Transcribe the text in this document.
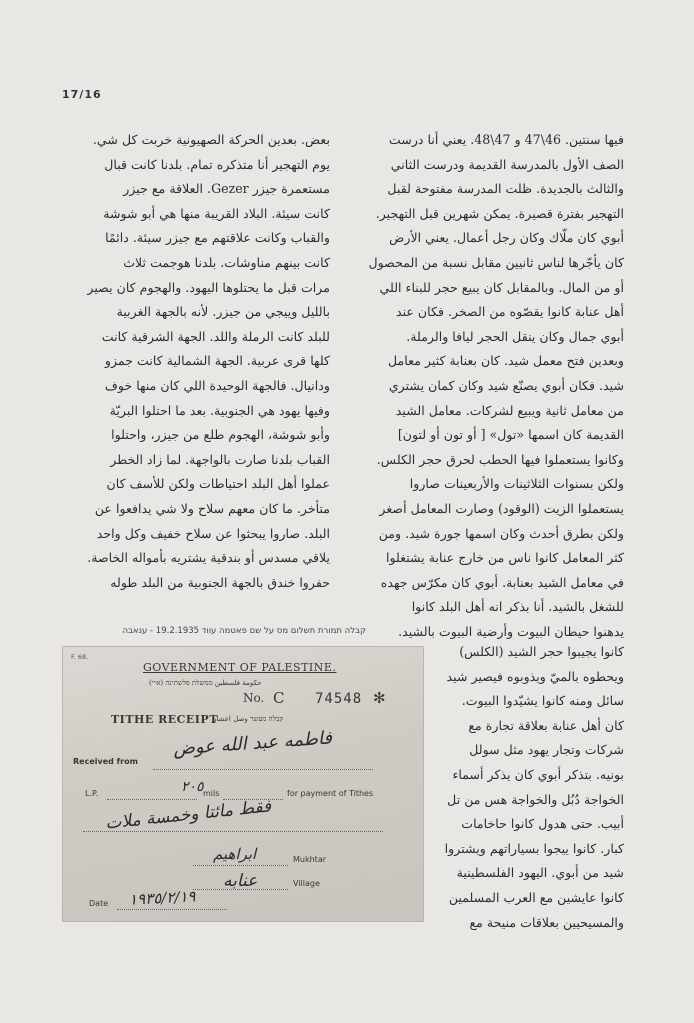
17/16

فيها سنتين. 46\47 و 47\48. يعني أنا درست

الصف الأول بالمدرسة القديمة ودرست الثاني

والثالث بالجديدة. ظلت المدرسة مفتوحة لقبل

التهجير بفترة قصيرة. يمكن شهرين قبل التهجير.

أبوي كان ملّاك وكان رجل أعمال. يعني الأرض

كان يأجّرها لناس ثانيين مقابل نسبة من المحصول

أو من المال. وبالمقابل كان يبيع حجر للبناء اللي

أهل عنابة كانوا يقصّوه من الصخر. فكان عند

أبوي جمال وكان ينقل الحجر ليافا والرملة.

وبعدين فتح معمل شيد. كان بعنابة كثير معامل

شيد. فكان أبوي يصنّع شيد وكان كمان يشتري

من معامل ثانية ويبيع لشركات. معامل الشيد

القديمة كان اسمها «تول» [ أو تون أو لتون]

وكانوا يستعملوا فيها الحطب لحرق حجر الكلس.

ولكن بسنوات الثلاثينات والأربعينات صاروا

يستعملوا الزيت (الوقود) وصارت المعامل أصغر

ولكن بطرق أحدث وكان اسمها جورة شيد. ومن

كثر المعامل كانوا ناس من خارج عنابة يشتغلوا

في معامل الشيد بعنابة. أبوي كان مكرّس جهده

للشغل بالشيد. أنا بذكر انه أهل البلد كانوا

يدهنوا حيطان البيوت وأرضية البيوت بالشيد.

كانوا يجيبوا حجر الشيد (الكلس)

ويحطوه بالميّ ويذوبوه فيصير شيد

سائل ومنه كانوا يشيّدوا البيوت.

كان أهل عنابة بعلاقة تجارة مع

شركات وتجار يهود مثل سولل

بونيه. بتذكر أبوي كان يذكر أسماء

الخواجة دُبُل والخواجة هس من تل

أبيب. حتى هدول كانوا حاخامات

كبار. كانوا ييجوا بسياراتهم ويشتروا

شيد من أبوي. اليهود الفلسطينية

كانوا عايشين مع العرب المسلمين

والمسيحيين بعلاقات منيحة مع

بعض. بعدين الحركة الصهيونية خربت كل شي.

يوم التهجير أنا متذكره تمام. بلدنا كانت قبال

مستعمرة جيزر Gezer. العلاقة مع جيزر

كانت سيئة. البلاد القريبة منها هي أبو شوشة

والقباب وكانت علاقتهم مع جيزر سيئة. دائمًا

كانت بينهم مناوشات. بلدنا هوجمت ثلاث

مرات قبل ما يحتلوها اليهود. والهجوم كان يصير

بالليل وييجي من جيزر. لأنه بالجهة الغربية

للبلد كانت الرملة واللد. الجهة الشرقية كانت

كلها قرى عربية. الجهة الشمالية كانت جمزو

ودانيال. فالجهة الوحيدة اللي كان منها خوف

وفيها يهود هي الجنوبية. بعد ما احتلوا البريّة

وأبو شوشة، الهجوم طلع من جيزر، واحتلوا

القباب بلدنا صارت بالواجهة. لما زاد الخطر

عملوا أهل البلد احتياطات ولكن للأسف كان

متأخر. ما كان معهم سلاح ولا شي يدافعوا عن

البلد. صاروا يبحثوا عن سلاح خفيف وكل واحد

يلاقي مسدس أو بندقية يشتريه بأمواله الخاصة.

حفروا خندق بالجهة الجنوبية من البلد طوله

קבלה תמורת תשלום מס על שם פאטמה עווד 19.2.1935 - ענאבה
F. 68.
GOVERNMENT OF PALESTINE.
حكومة فلسطين ממשלת פלשתינה (א״י)
No. C 74548 ✻
TITHE RECEIPT
קבלה מעשר وصل اعشار
Received from
L.P.	mils	for payment of Tithes
Mukhtar
Village
Date
فاطمه عبد الله عوض
٢٠٥
فقط مائتا وخمسة ملات
ابراهيم
عنابه
١٩٣٥/٢/١٩
